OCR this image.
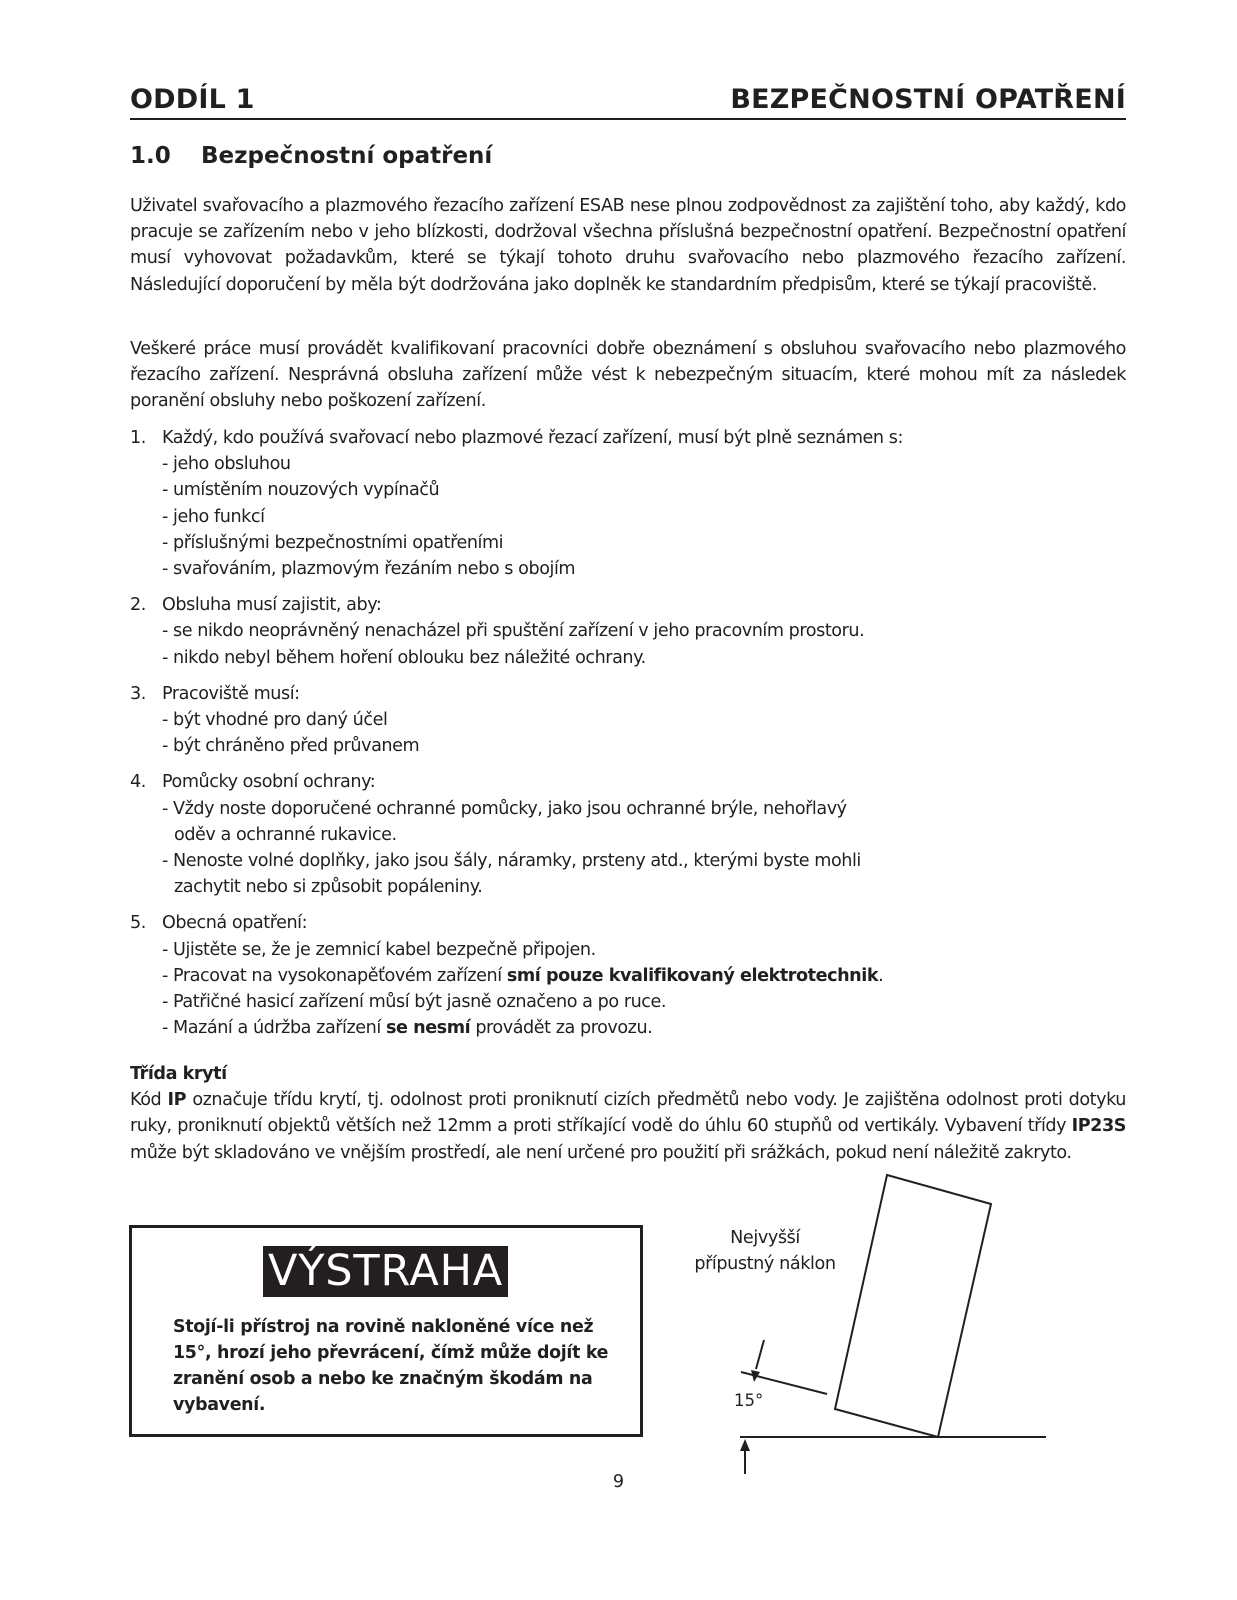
ODDÍL 1	BEZPEČNOSTNÍ OPATŘENÍ
1.0 Bezpečnostní opatření

Uživatel svařovacího a plazmového řezacího zařízení ESAB nese plnou zodpovědnost za zajištění toho, aby každý, kdo pracuje se zařízením nebo v jeho blízkosti, dodržoval všechna příslušná bezpečnostní opatření. Bezpečnostní opatření musí vyhovovat požadavkům, které se týkají tohoto druhu svařovacího nebo plazmového řezacího zařízení. Následující doporučení by měla být dodržována jako doplněk ke standardním předpisům, které se týkají pracoviště.

Veškeré práce musí provádět kvalifikovaní pracovníci dobře obeznámení s obsluhou svařovacího nebo plazmového řezacího zařízení. Nesprávná obsluha zařízení může vést k nebezpečným situacím, které mohou mít za následek poranění obsluhy nebo poškození zařízení.

1. Každý, kdo používá svařovací nebo plazmové řezací zařízení, musí být plně seznámen s:
- jeho obsluhou
- umístěním nouzových vypínačů
- jeho funkcí
- příslušnými bezpečnostními opatřeními
- svařováním, plazmovým řezáním nebo s obojím
2. Obsluha musí zajistit, aby:
- se nikdo neoprávněný nenacházel při spuštění zařízení v jeho pracovním prostoru.
- nikdo nebyl během hoření oblouku bez náležité ochrany.
3. Pracoviště musí:
- být vhodné pro daný účel
- být chráněno před průvanem
4. Pomůcky osobní ochrany:
- Vždy noste doporučené ochranné pomůcky, jako jsou ochranné brýle, nehořlavý
oděv a ochranné rukavice.
- Nenoste volné doplňky, jako jsou šály, náramky, prsteny atd., kterými byste mohli
zachytit nebo si způsobit popáleniny.
5. Obecná opatření:
- Ujistěte se, že je zemnicí kabel bezpečně připojen.
- Pracovat na vysokonapěťovém zařízení smí pouze kvalifikovaný elektrotechnik.
- Patřičné hasicí zařízení můsí být jasně označeno a po ruce.
- Mazání a údržba zařízení se nesmí provádět za provozu.
Třída krytí

Kód IP označuje třídu krytí, tj. odolnost proti proniknutí cizích předmětů nebo vody. Je zajištěna odolnost proti dotyku ruky, proniknutí objektů větších než 12mm a proti stříkající vodě do úhlu 60 stupňů od vertikály. Vybavení třídy IP23S může být skladováno ve vnějším prostředí, ale není určené pro použití při srážkách, pokud není náležitě zakryto.

VÝSTRAHA
Stojí-li přístroj na rovině nakloněné více než 15°, hrozí jeho převrácení, čímž může dojít ke zranění osob a nebo ke značným škodám na vybavení.
Nejvyšší
přípustný náklon
15°
9
